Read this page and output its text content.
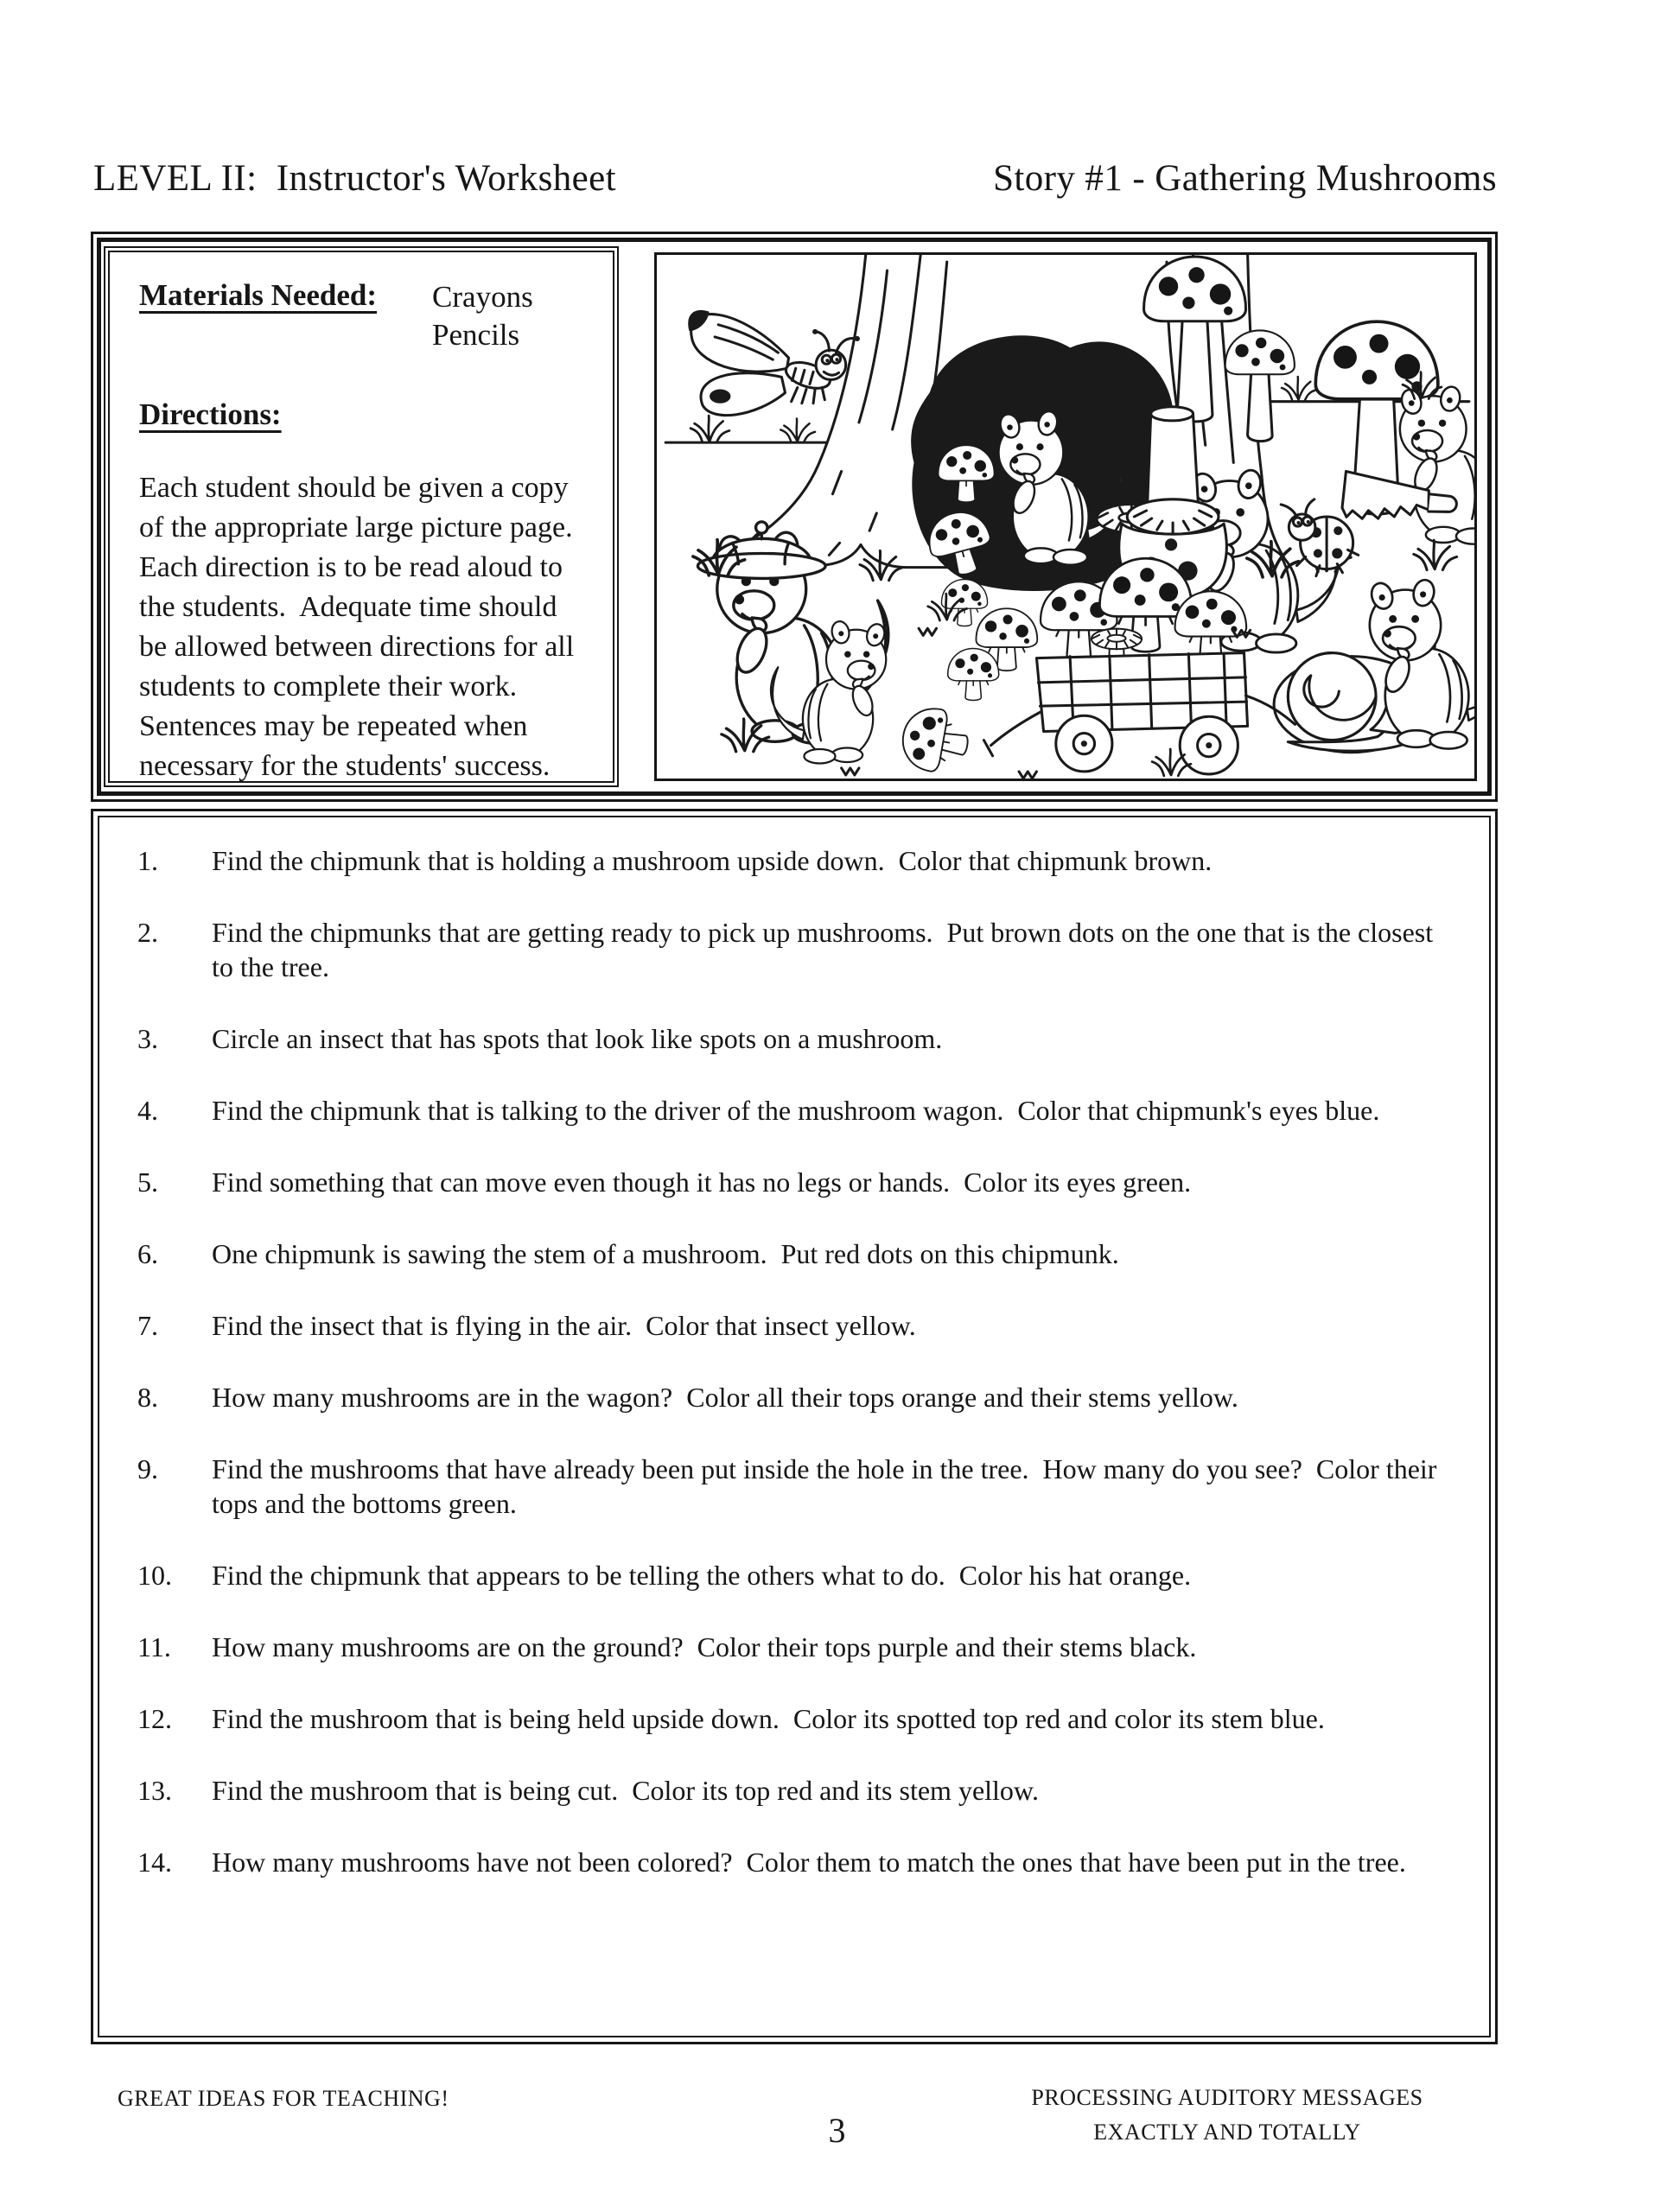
LEVEL II:  Instructor's Worksheet	Story #1 - Gathering Mushrooms
Materials Needed: Crayons
Pencils
Directions:
Each student should be given a copy of the appropriate large picture page.  Each direction is to be read aloud to the students.  Adequate time should be allowed between directions for all students to complete their work.  Sentences may be repeated when necessary for the students' success.
1.	Find the chipmunk that is holding a mushroom upside down.  Color that chipmunk brown.
2.	Find the chipmunks that are getting ready to pick up mushrooms.  Put brown dots on the one that is the closest to the tree.
3.	Circle an insect that has spots that look like spots on a mushroom.
4.	Find the chipmunk that is talking to the driver of the mushroom wagon.  Color that chipmunk's eyes blue.
5.	Find something that can move even though it has no legs or hands.  Color its eyes green.
6.	One chipmunk is sawing the stem of a mushroom.  Put red dots on this chipmunk.
7.	Find the insect that is flying in the air.  Color that insect yellow.
8.	How many mushrooms are in the wagon?  Color all their tops orange and their stems yellow.
9.	Find the mushrooms that have already been put inside the hole in the tree.  How many do you see?  Color their tops and the bottoms green.
10.	Find the chipmunk that appears to be telling the others what to do.  Color his hat orange.
11.	How many mushrooms are on the ground?  Color their tops purple and their stems black.
12.	Find the mushroom that is being held upside down.  Color its spotted top red and color its stem blue.
13.	Find the mushroom that is being cut.  Color its top red and its stem yellow.
14.	How many mushrooms have not been colored?  Color them to match the ones that have been put in the tree.
GREAT IDEAS FOR TEACHING!	PROCESSING AUDITORY MESSAGES
EXACTLY AND TOTALLY
3
